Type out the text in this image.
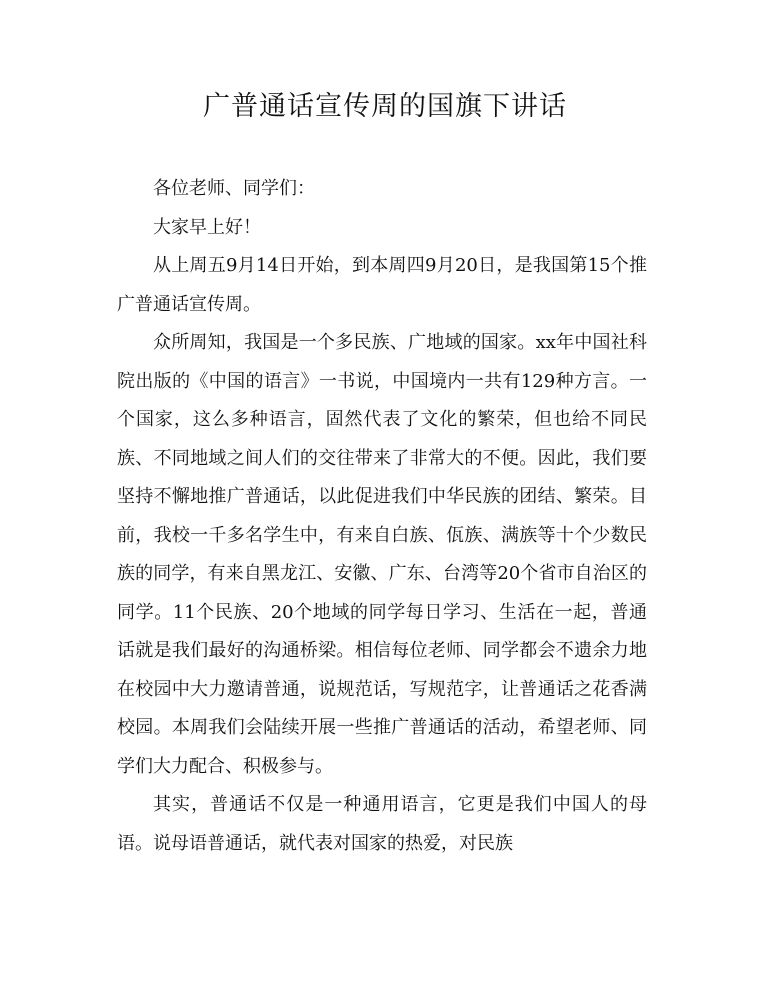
广普通话宣传周的国旗下讲话

各位老师、同学们：

大家早上好！

从上周五9月14日开始，到本周四9月20日，是我国第15个推广普通话宣传周。

众所周知，我国是一个多民族、广地域的国家。xx年中国社科院出版的《中国的语言》一书说，中国境内一共有129种方言。一个国家，这么多种语言，固然代表了文化的繁荣，但也给不同民族、不同地域之间人们的交往带来了非常大的不便。因此，我们要坚持不懈地推广普通话，以此促进我们中华民族的团结、繁荣。目前，我校一千多名学生中，有来自白族、佤族、满族等十个少数民族的同学，有来自黑龙江、安徽、广东、台湾等20个省市自治区的同学。11个民族、20个地域的同学每日学习、生活在一起，普通话就是我们最好的沟通桥梁。相信每位老师、同学都会不遗余力地在校园中大力邀请普通，说规范话，写规范字，让普通话之花香满校园。本周我们会陆续开展一些推广普通话的活动，希望老师、同学们大力配合、积极参与。

其实，普通话不仅是一种通用语言，它更是我们中国人的母语。说母语普通话，就代表对国家的热爱，对民族
